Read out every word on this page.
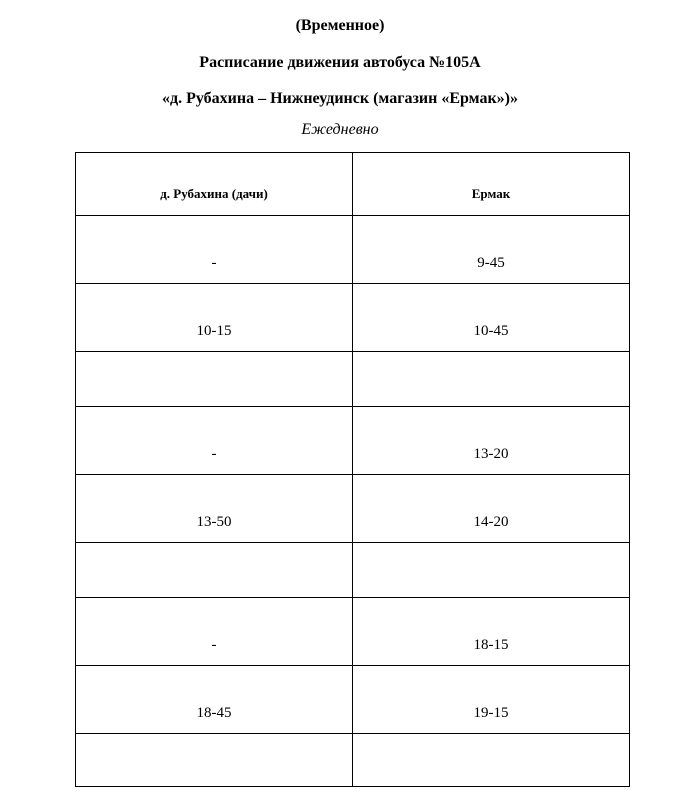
(Временное)
Расписание движения автобуса №105А
«д. Рубахина – Нижнеудинск (магазин «Ермак»)»
Ежедневно
д. Рубахина (дачи)	Ермак
-	9-45
10-15	10-45

-	13-20
13-50	14-20

-	18-15
18-45	19-15
